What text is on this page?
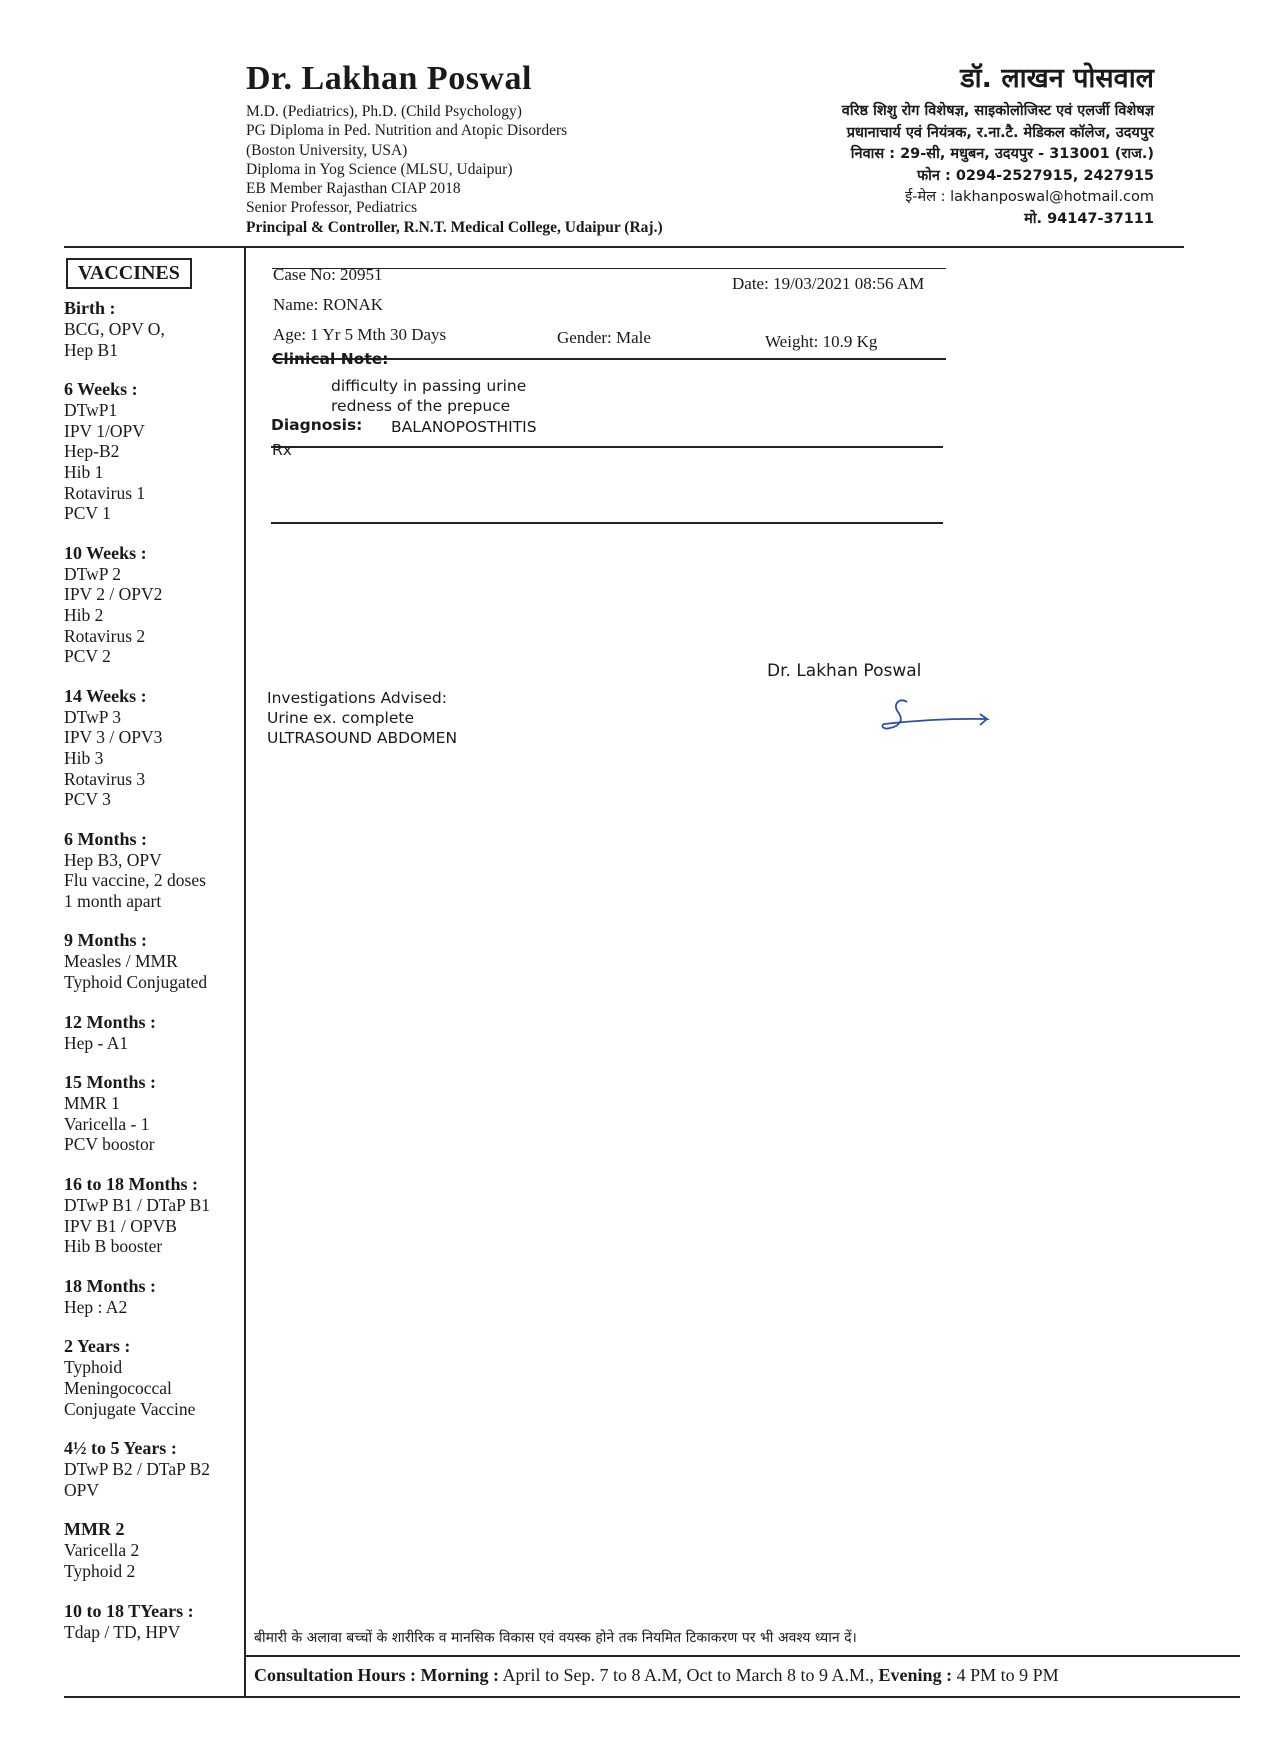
Dr. Lakhan Poswal
M.D. (Pediatrics), Ph.D. (Child Psychology)
PG Diploma in Ped. Nutrition and Atopic Disorders
(Boston University, USA)
Diploma in Yog Science (MLSU, Udaipur)
EB Member Rajasthan CIAP 2018
Senior Professor, Pediatrics
Principal & Controller, R.N.T. Medical College, Udaipur (Raj.)
डॉ. लाखन पोसवाल
वरिष्ठ शिशु रोग विशेषज्ञ, साइकोलोजिस्ट एवं एलर्जी विशेषज्ञ
प्रधानाचार्य एवं नियंत्रक, र.ना.टै. मेडिकल कॉलेज, उदयपुर
निवास : 29-सी, मधुबन, उदयपुर - 313001 (राज.)
फोन : 0294-2527915, 2427915
ई-मेल : lakhanposwal@hotmail.com
मो. 94147-37111
VACCINES
Birth :
BCG, OPV O,
Hep B1
6 Weeks :
DTwP1
IPV 1/OPV
Hep-B2
Hib 1
Rotavirus 1
PCV 1
10 Weeks :
DTwP 2
IPV 2 / OPV2
Hib 2
Rotavirus 2
PCV 2
14 Weeks :
DTwP 3
IPV 3 / OPV3
Hib 3
Rotavirus 3
PCV 3
6 Months :
Hep B3, OPV
Flu vaccine, 2 doses
1 month apart
9 Months :
Measles / MMR
Typhoid Conjugated
12 Months :
Hep - A1
15 Months :
MMR 1
Varicella - 1
PCV boostor
16 to 18 Months :
DTwP B1 / DTaP B1
IPV B1 / OPVB
Hib B booster
18 Months :
Hep : A2
2 Years :
Typhoid
Meningococcal
Conjugate Vaccine
4½ to 5 Years :
DTwP B2 / DTaP B2
OPV
MMR 2
Varicella 2
Typhoid 2
10 to 18 TYears :
Tdap / TD, HPV
Case No: 20951	Date: 19/03/2021 08:56 AM
Name: RONAK
Age: 1 Yr 5 Mth 30 Days	Gender: Male	Weight: 10.9 Kg
Clinical Note:
difficulty in passing urine
redness of the prepuce
Diagnosis: BALANOPOSTHITIS
Rx
Dr. Lakhan Poswal
Investigations Advised:
Urine ex. complete
ULTRASOUND ABDOMEN
बीमारी के अलावा बच्चों के शारीरिक व मानसिक विकास एवं वयस्क होने तक नियमित टिकाकरण पर भी अवश्य ध्यान दें।
Consultation Hours : Morning : April to Sep. 7 to 8 A.M, Oct to March 8 to 9 A.M., Evening : 4 PM to 9 PM
